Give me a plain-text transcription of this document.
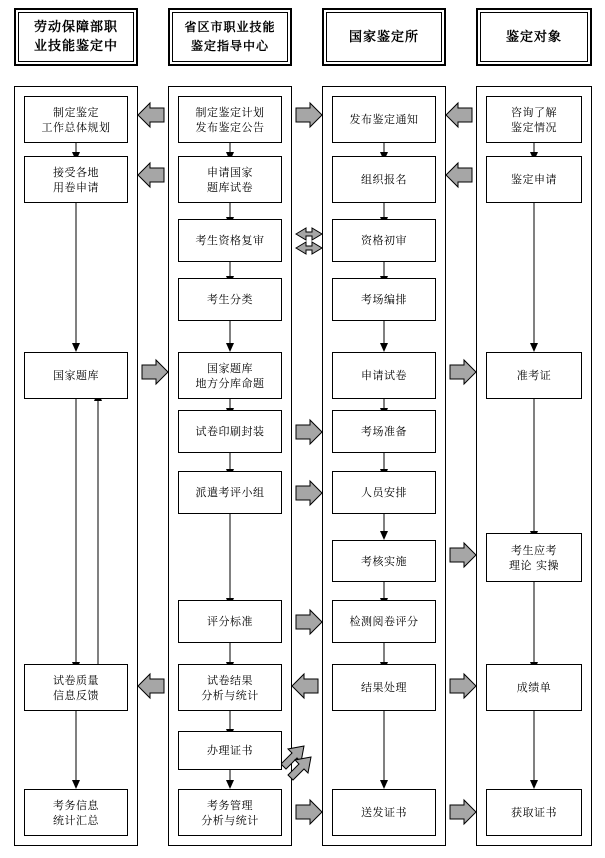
劳动保障部职
业技能鉴定中
省区市职业技能
鉴定指导中心
国家鉴定所	鉴定对象
制定鉴定
工作总体规划
制定鉴定计划
发布鉴定公告
发布鉴定通知
咨询了解
鉴定情况
接受各地
用卷申请
申请国家
题库试卷
组织报名	鉴定申请
考生资格复审	资格初审
考生分类	考场编排
国家题库
国家题库
地方分库命题
申请试卷	准考证
试卷印刷封装	考场准备
派遣考评小组	人员安排
考核实施
考生应考
理论 实操
评分标准	检测阅卷评分
试卷质量
信息反馈
试卷结果
分析与统计
结果处理	成绩单
办理证书
考务信息
统计汇总
考务管理
分析与统计
送发证书	获取证书
